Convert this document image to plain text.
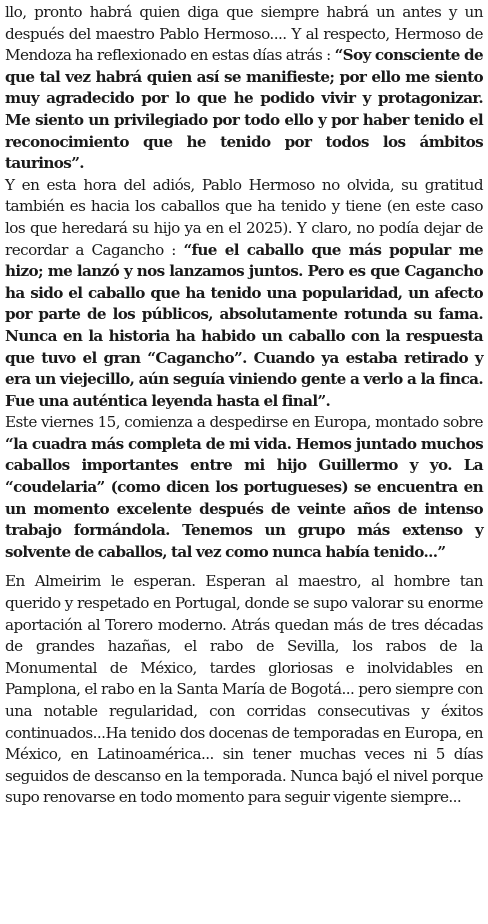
llo, pronto habrá quien diga que siempre habrá un antes y un después del maestro Pablo Hermoso.... Y al respecto, Hermoso de Mendoza ha reflexionado en estas días atrás : “Soy consciente de que tal vez habrá quien así se manifieste; por ello me siento muy agradecido por lo que he podido vivir y protagonizar. Me siento un privilegiado por todo ello y por haber tenido el reconocimiento que he tenido por todos los ámbitos taurinos”.

Y en esta hora del adiós, Pablo Hermoso no olvida, su gratitud también es hacia los caballos que ha tenido y tiene (en este caso los que heredará su hijo ya en el 2025). Y claro, no podía dejar de recordar a Cagancho : “fue el caballo que más popular me hizo; me lanzó y nos lanzamos juntos. Pero es que Cagancho ha sido el caballo que ha tenido una popularidad, un afecto por parte de los públicos, absolutamente rotunda su fama. Nunca en la historia ha habido un caballo con la respuesta que tuvo el gran “Cagancho”. Cuando ya estaba retirado y era un viejecillo, aún seguía viniendo gente a verlo a la finca. Fue una auténtica leyenda hasta el final”.

Este viernes 15, comienza a despedirse en Europa, montado sobre “la cuadra más completa de mi vida. Hemos juntado muchos caballos importantes entre mi hijo Guillermo y yo. La “coudelaria” (como dicen los portugueses) se encuentra en un momento excelente después de veinte años de intenso trabajo formándola. Tenemos un grupo más extenso y solvente de caballos, tal vez como nunca había tenido...”

En Almeirim le esperan. Esperan al maestro, al hombre tan querido y respetado en Portugal, donde se supo valorar su enorme aportación al Torero moderno. Atrás quedan más de tres décadas de grandes hazañas, el rabo de Sevilla, los rabos de la Monumental de México, tardes gloriosas e inolvidables en Pamplona, el rabo en la Santa María de Bogotá... pero siempre con una notable regularidad, con corridas consecutivas y éxitos continuados...Ha tenido dos docenas de temporadas en Europa, en México, en Latinoamérica... sin tener muchas veces ni 5 días seguidos de descanso en la temporada. Nunca bajó el nivel porque supo renovarse en todo momento para seguir vigente siempre...
